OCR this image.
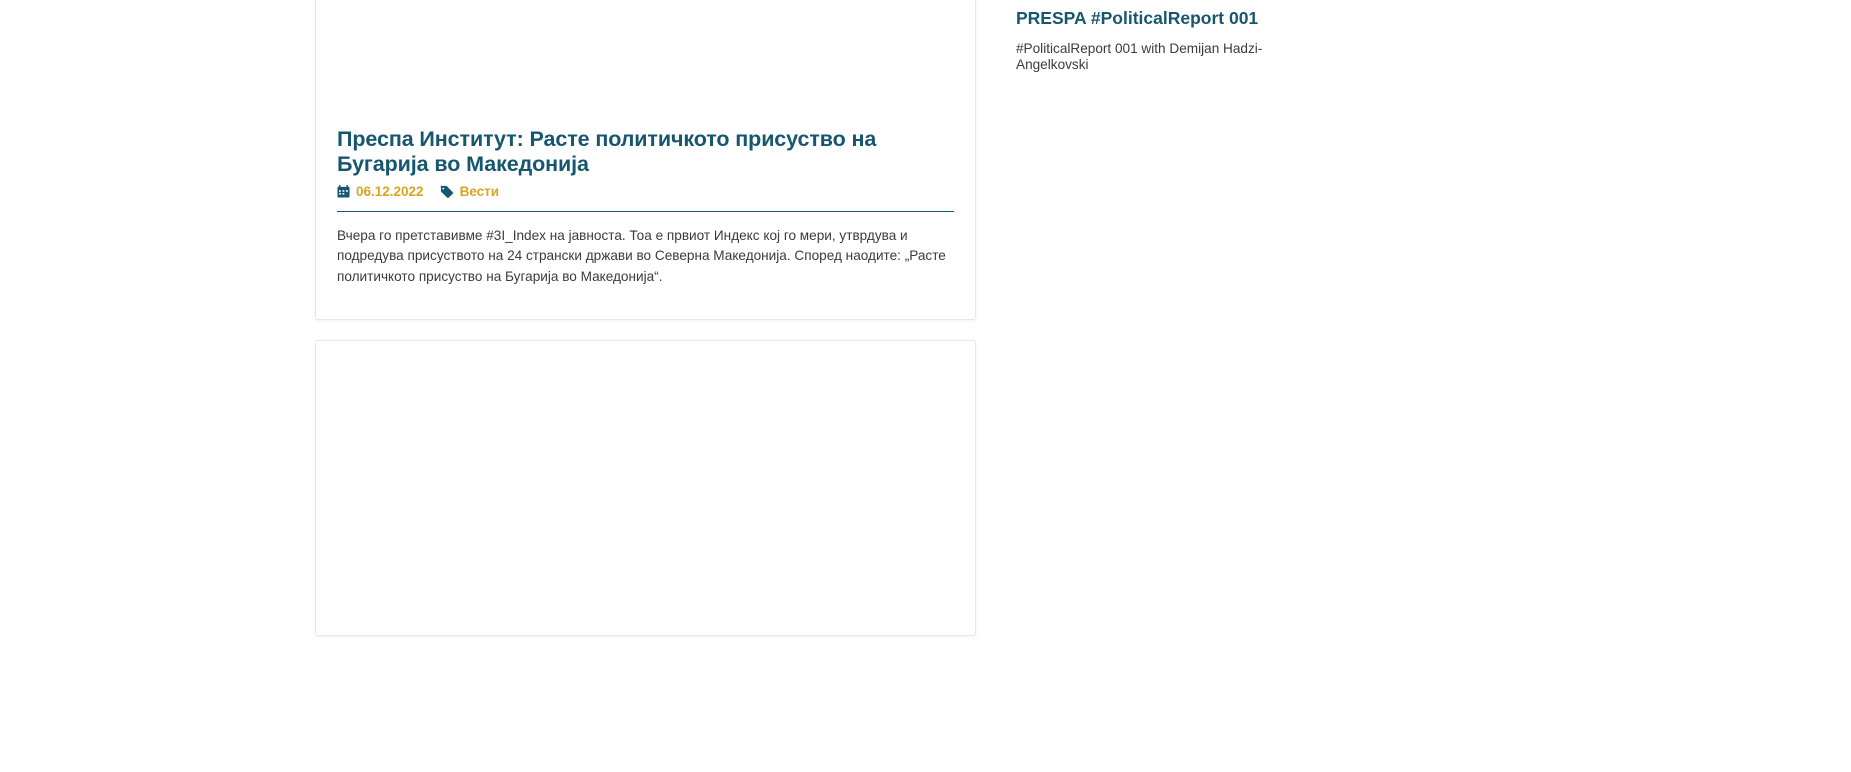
Преспа Институт: Расте политичкото присуство на Бугарија во Македонија
06.12.2022	Вести

Вчера го претставивме #3I_Index на јавноста. Тоа е првиот Индекс кој го мери, утврдува и подредува присуството на 24 странски држави во Северна Македонија. Според наодите: „Расте политичкото присуство на Бугарија во Македонија“.

PRESPA #PoliticalReport 001

#PoliticalReport 001 with Demijan Hadzi-Angelkovski
